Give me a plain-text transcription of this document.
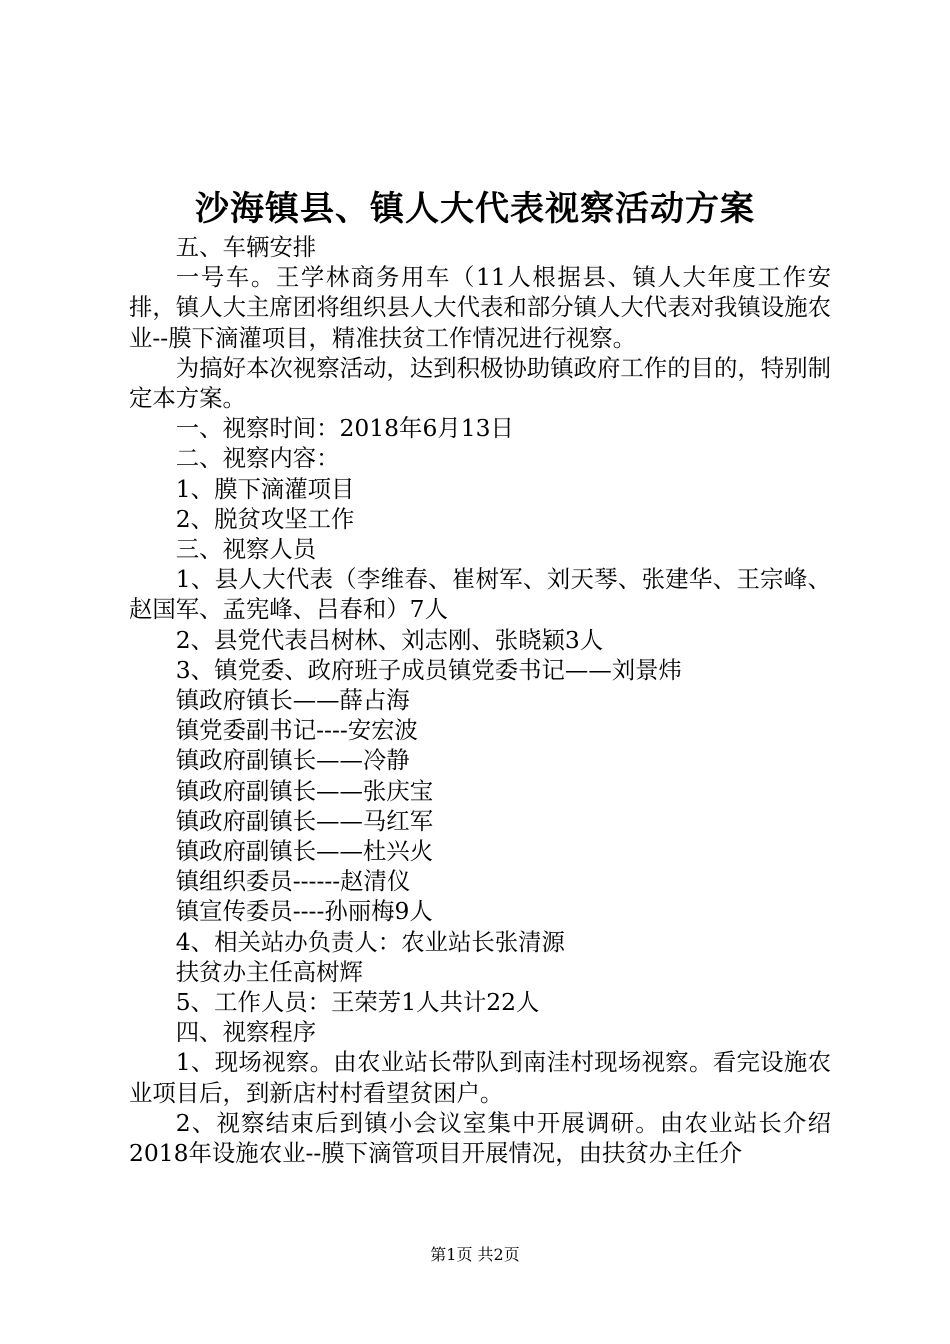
沙海镇县、镇人大代表视察活动方案

五、车辆安排

一号车。王学林商务用车（11人根据县、镇人大年度工作安排，镇人大主席团将组织县人大代表和部分镇人大代表对我镇设施农业--膜下滴灌项目，精准扶贫工作情况进行视察。

为搞好本次视察活动，达到积极协助镇政府工作的目的，特别制定本方案。

一、视察时间：2018年6月13日

二、视察内容：

1、膜下滴灌项目

2、脱贫攻坚工作

三、视察人员

1、县人大代表（李维春、崔树军、刘天琴、张建华、王宗峰、赵国军、孟宪峰、吕春和）7人

2、县党代表吕树林、刘志刚、张晓颖3人

3、镇党委、政府班子成员镇党委书记——刘景炜

镇政府镇长——薛占海

镇党委副书记----安宏波

镇政府副镇长——冷静

镇政府副镇长——张庆宝

镇政府副镇长——马红军

镇政府副镇长——杜兴火

镇组织委员------赵清仪

镇宣传委员----孙丽梅9人

4、相关站办负责人：农业站长张清源

扶贫办主任高树辉

5、工作人员：王荣芳1人共计22人

四、视察程序

1、现场视察。由农业站长带队到南洼村现场视察。看完设施农业项目后，到新店村村看望贫困户。

2、视察结束后到镇小会议室集中开展调研。由农业站长介绍2018年设施农业--膜下滴管项目开展情况，由扶贫办主任介

第1页 共2页
